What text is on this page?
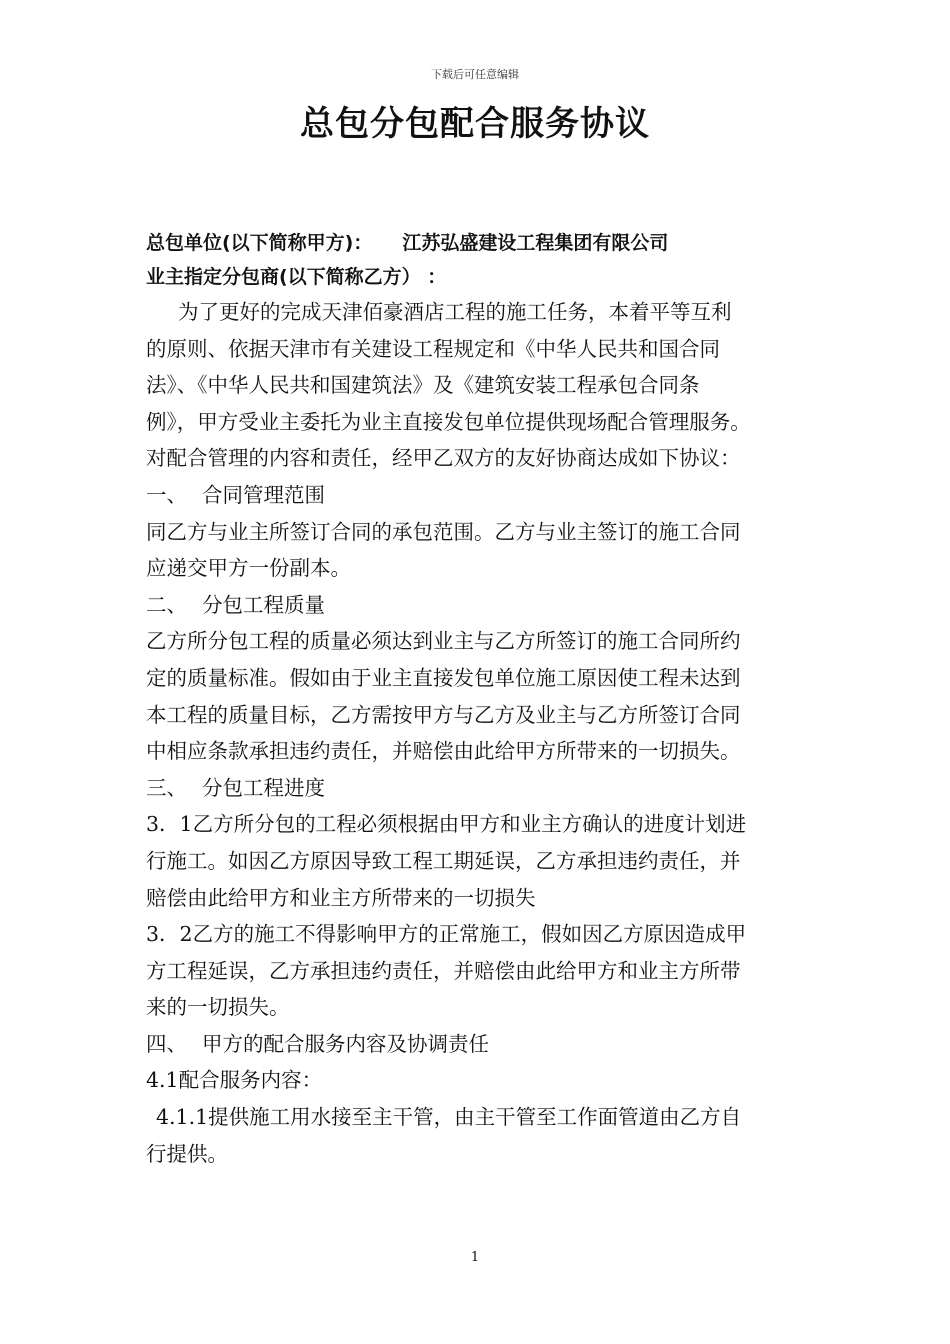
下载后可任意编辑
总包分包配合服务协议
总包单位(以下简称甲方)： 江苏弘盛建设工程集团有限公司
业主指定分包商(以下简称乙方） ：
为了更好的完成天津佰豪酒店工程的施工任务，本着平等互利
的原则、依据天津市有关建设工程规定和《中华人民共和国合同
法》、《中华人民共和国建筑法》及《建筑安装工程承包合同条
例》，甲方受业主委托为业主直接发包单位提供现场配合管理服务。
对配合管理的内容和责任，经甲乙双方的友好协商达成如下协议：
一、 合同管理范围
同乙方与业主所签订合同的承包范围。乙方与业主签订的施工合同
应递交甲方一份副本。
二、 分包工程质量
乙方所分包工程的质量必须达到业主与乙方所签订的施工合同所约
定的质量标准。假如由于业主直接发包单位施工原因使工程未达到
本工程的质量目标，乙方需按甲方与乙方及业主与乙方所签订合同
中相应条款承担违约责任，并赔偿由此给甲方所带来的一切损失。
三、 分包工程进度
3．1乙方所分包的工程必须根据由甲方和业主方确认的进度计划进
行施工。如因乙方原因导致工程工期延误，乙方承担违约责任，并
赔偿由此给甲方和业主方所带来的一切损失
3．2乙方的施工不得影响甲方的正常施工，假如因乙方原因造成甲
方工程延误，乙方承担违约责任，并赔偿由此给甲方和业主方所带
来的一切损失。
四、 甲方的配合服务内容及协调责任
4.1配合服务内容：
4.1.1提供施工用水接至主干管，由主干管至工作面管道由乙方自
行提供。
1
